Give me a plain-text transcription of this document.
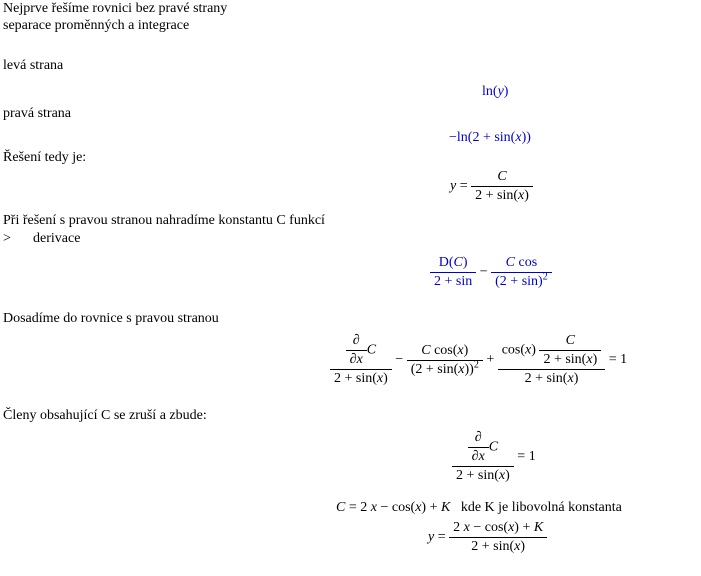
Nejprve řešíme rovnici bez pravé strany
separace proměnných a integrace
levá strana
pravá strana
Řešení tedy je:
Při řešení s pravou stranou nahradíme konstantu C funkcí
> derivace
Dosadíme do rovnice s pravou stranou
Členy obsahující C se zruší a zbude:
ln(y)
−ln(2 + sin(x))
$y = \frac{C}{2 + \sin(x)}$
$\frac{D(C)}{2 + \sin} - \frac{\text{C cos}}{(2 + \sin)^2}$
$\frac{\frac{\partial}{\partial x} C}{2 + \sin(x)} - \frac{\text{C cos(x)}}{(2 + \sin(x))^2} + \frac{\cos(x) \frac{C}{2 + \sin(x)}}{2 + \sin(x)} = 1$
$\frac{\frac{\partial}{\partial x} C}{2 + \sin(x)} = 1$
C = 2 x − cos(x) + K kde K je libovolná konstanta
$y = \frac{2 x - \cos(x) + K}{2 + \sin(x)}$
